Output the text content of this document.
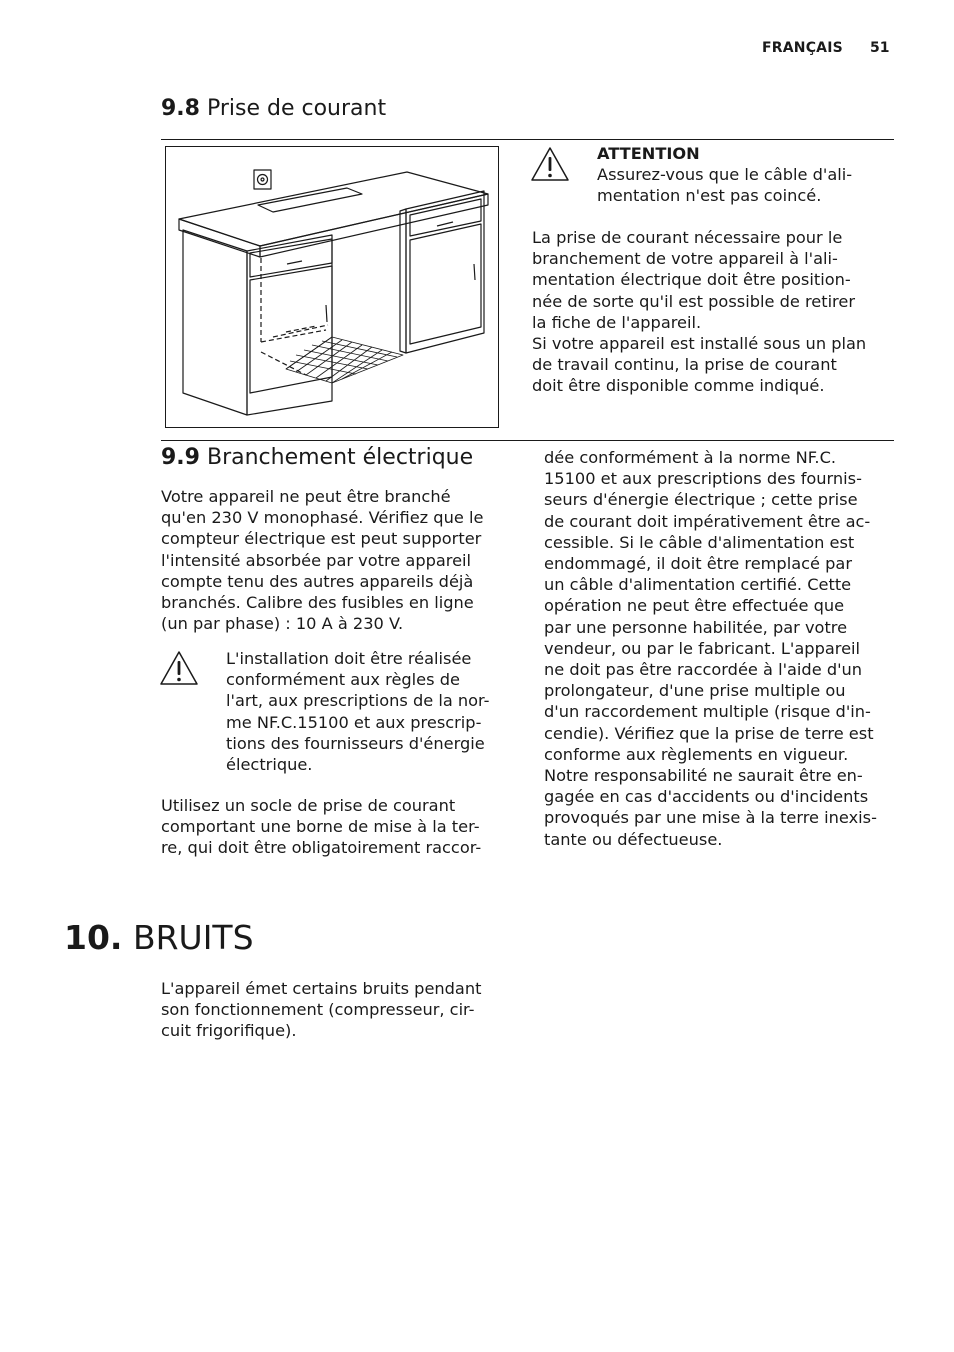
FRANÇAIS 51
9.8 Prise de courant
ATTENTION
Assurez-vous que le câble d'ali-
mentation n'est pas coincé.
La prise de courant nécessaire pour le
branchement de votre appareil à l'ali-
mentation électrique doit être position-
née de sorte qu'il est possible de retirer
la fiche de l'appareil.
Si votre appareil est installé sous un plan
de travail continu, la prise de courant
doit être disponible comme indiqué.
9.9 Branchement électrique
Votre appareil ne peut être branché
qu'en 230 V monophasé. Vérifiez que le
compteur électrique est peut supporter
l'intensité absorbée par votre appareil
compte tenu des autres appareils déjà
branchés. Calibre des fusibles en ligne
(un par phase) : 10 A à 230 V.
L'installation doit être réalisée
conformément aux règles de
l'art, aux prescriptions de la nor-
me NF.C.15100 et aux prescrip-
tions des fournisseurs d'énergie
électrique.
Utilisez un socle de prise de courant
comportant une borne de mise à la ter-
re, qui doit être obligatoirement raccor-
dée conformément à la norme NF.C.
15100 et aux prescriptions des fournis-
seurs d'énergie électrique ; cette prise
de courant doit impérativement être ac-
cessible. Si le câble d'alimentation est
endommagé, il doit être remplacé par
un câble d'alimentation certifié. Cette
opération ne peut être effectuée que
par une personne habilitée, par votre
vendeur, ou par le fabricant. L'appareil
ne doit pas être raccordée à l'aide d'un
prolongateur, d'une prise multiple ou
d'un raccordement multiple (risque d'in-
cendie). Vérifiez que la prise de terre est
conforme aux règlements en vigueur.
Notre responsabilité ne saurait être en-
gagée en cas d'accidents ou d'incidents
provoqués par une mise à la terre inexis-
tante ou défectueuse.
10. BRUITS
L'appareil émet certains bruits pendant
son fonctionnement (compresseur, cir-
cuit frigorifique).
